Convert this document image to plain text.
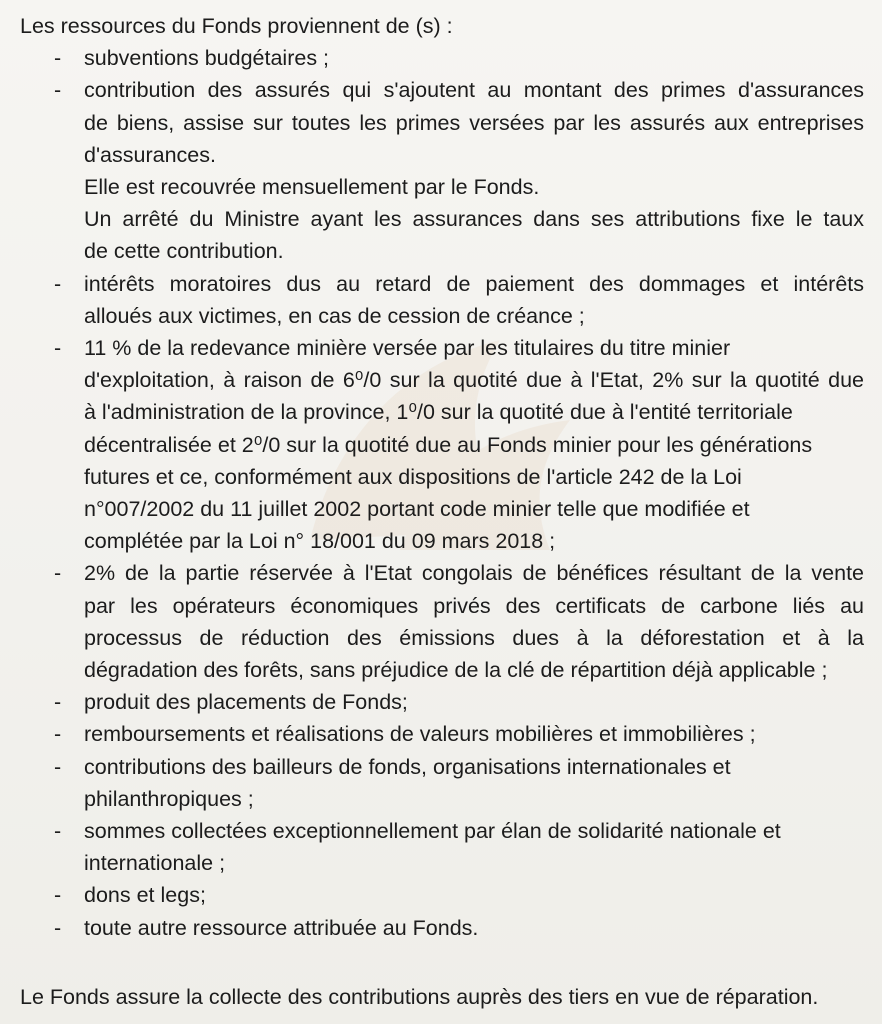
Les ressources du Fonds proviennent de (s) :

- subventions budgétaires ;
- contribution des assurés qui s'ajoutent au montant des primes d'assurances
de biens, assise sur toutes les primes versées par les assurés aux entreprises
d'assurances.
Elle est recouvrée mensuellement par le Fonds.
Un arrêté du Ministre ayant les assurances dans ses attributions fixe le taux
de cette contribution.
- intérêts moratoires dus au retard de paiement des dommages et intérêts
alloués aux victimes, en cas de cession de créance ;
- 11 % de la redevance minière versée par les titulaires du titre minier
d'exploitation, à raison de 6⁰/0 sur la quotité due à l'Etat, 2% sur la quotité due
à l'administration de la province, 1⁰/0 sur la quotité due à l'entité territoriale
décentralisée et 2⁰/0 sur la quotité due au Fonds minier pour les générations
futures et ce, conformément aux dispositions de l'article 242 de la Loi
n°007/2002 du 11 juillet 2002 portant code minier telle que modifiée et
complétée par la Loi n° 18/001 du 09 mars 2018 ;
- 2% de la partie réservée à l'Etat congolais de bénéfices résultant de la vente
par les opérateurs économiques privés des certificats de carbone liés au
processus de réduction des émissions dues à la déforestation et à la
dégradation des forêts, sans préjudice de la clé de répartition déjà applicable ;
- produit des placements de Fonds;
- remboursements et réalisations de valeurs mobilières et immobilières ;
- contributions des bailleurs de fonds, organisations internationales et
philanthropiques ;
- sommes collectées exceptionnellement par élan de solidarité nationale et
internationale ;
- dons et legs;
- toute autre ressource attribuée au Fonds.

Le Fonds assure la collecte des contributions auprès des tiers en vue de réparation.
